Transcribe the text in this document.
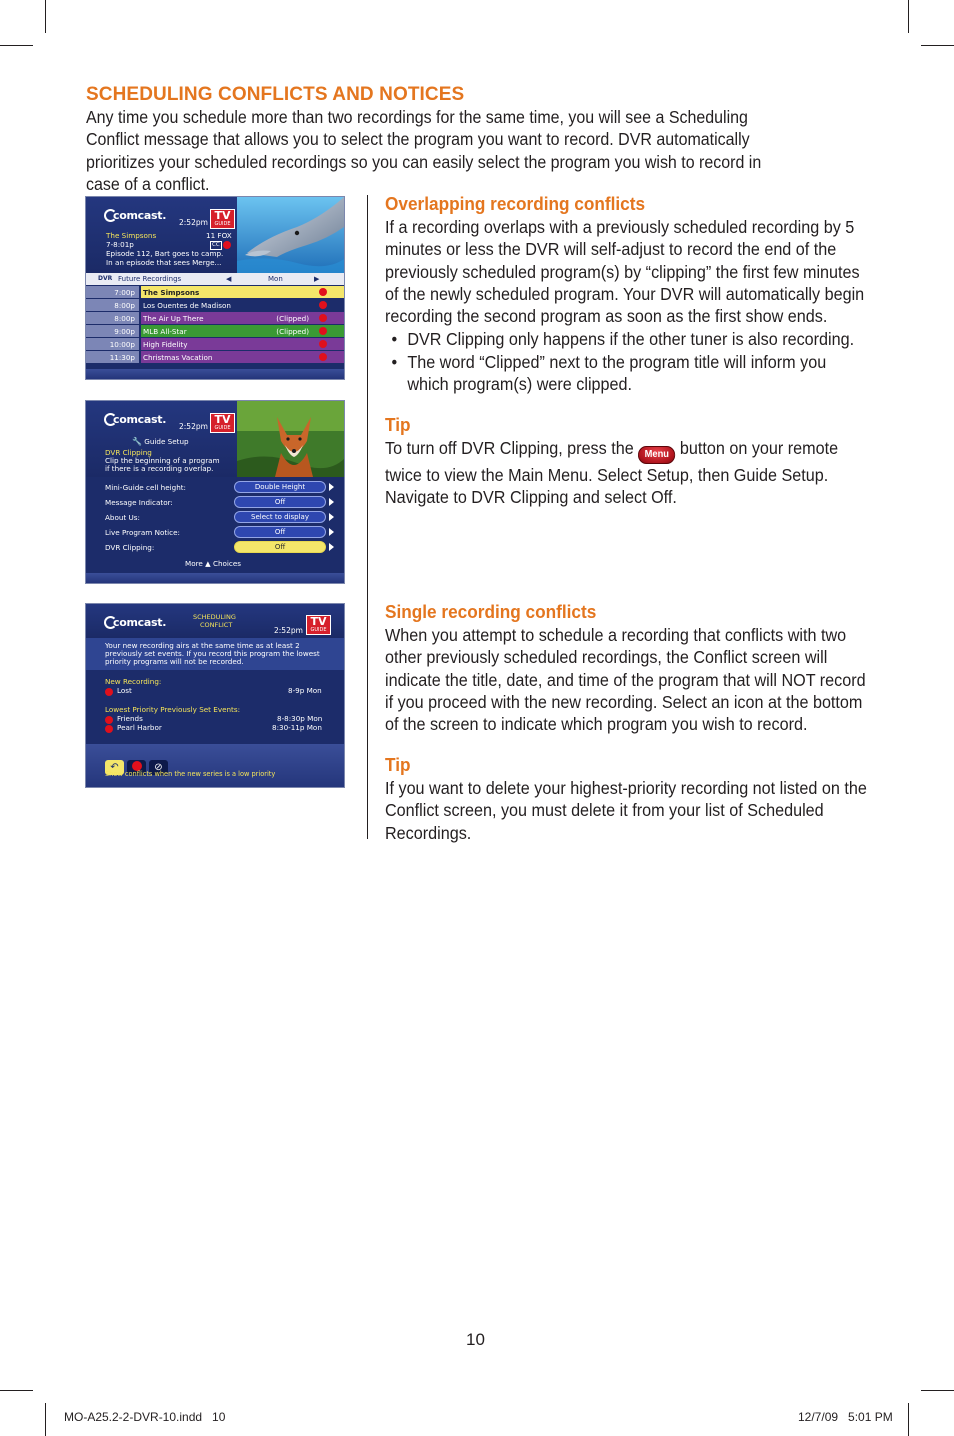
SCHEDULING CONFLICTS AND NOTICES
Any time you schedule more than two recordings for the same time, you will see a Scheduling Conflict message that allows you to select the program you want to record. DVR automatically prioritizes your scheduled recordings so you can easily select the program you wish to record in case of a conflict.
comcast.
2:52pm
TV
GUIDE
The Simpsons	11 FOX
7-8:01p	CC
Episode 112, Bart goes to camp.
In an episode that sees Merge...
DVR Future Recordings	◀	Mon	▶
7:00p	The Simpsons
8:00p	Los Ouentes de Madison
8:00p	The Air Up There	(Clipped)
9:00p	MLB All-Star	(Clipped)
10:00p	High Fidelity
11:30p	Christmas Vacation
comcast.
2:52pm
TV
GUIDE
🔧 Guide Setup
DVR Clipping
Clip the beginning of a program
if there is a recording overlap.
Mini-Guide cell height:	Double Height
Message Indicator:	Off
About Us:	Select to display
Live Program Notice:	Off
DVR Clipping:	Off
More ▲ Choices
comcast.	SCHEDULING
CONFLICT
2:52pm
TV
GUIDE
Your new recording airs at the same time as at least 2
previously set events. If you record this program the lowest
priority programs will not be recorded.
New Recording:
Lost	8-9p Mon
Lowest Priority Previously Set Events:
Friends	8-8:30p Mon
Pearl Harbor	8:30-11p Mon
↶	⊘
Show conflicts when the new series is a low priority
Overlapping recording conflicts
If a recording overlaps with a previously scheduled recording by 5 minutes or less the DVR will self-adjust to record the end of the previously scheduled program(s) by “clipping” the first few minutes of the newly scheduled program. Your DVR will automatically begin recording the second program as soon as the first show ends.
• DVR Clipping only happens if the other tuner is also recording.
• The word “Clipped” next to the program title will inform you which program(s) were clipped.
Tip
To turn off DVR Clipping, press the Menu button on your remote twice to view the Main Menu. Select Setup, then Guide Setup. Navigate to DVR Clipping and select Off.
Single recording conflicts
When you attempt to schedule a recording that conflicts with two other previously scheduled recordings, the Conflict screen will indicate the title, date, and time of the program that will NOT record if you proceed with the new recording. Select an icon at the bottom of the screen to indicate which program you wish to record.
Tip
If you want to delete your highest-priority recording not listed on the Conflict screen, you must delete it from your list of Scheduled Recordings.
10
MO-A25.2-2-DVR-10.indd   10	12/7/09   5:01 PM
